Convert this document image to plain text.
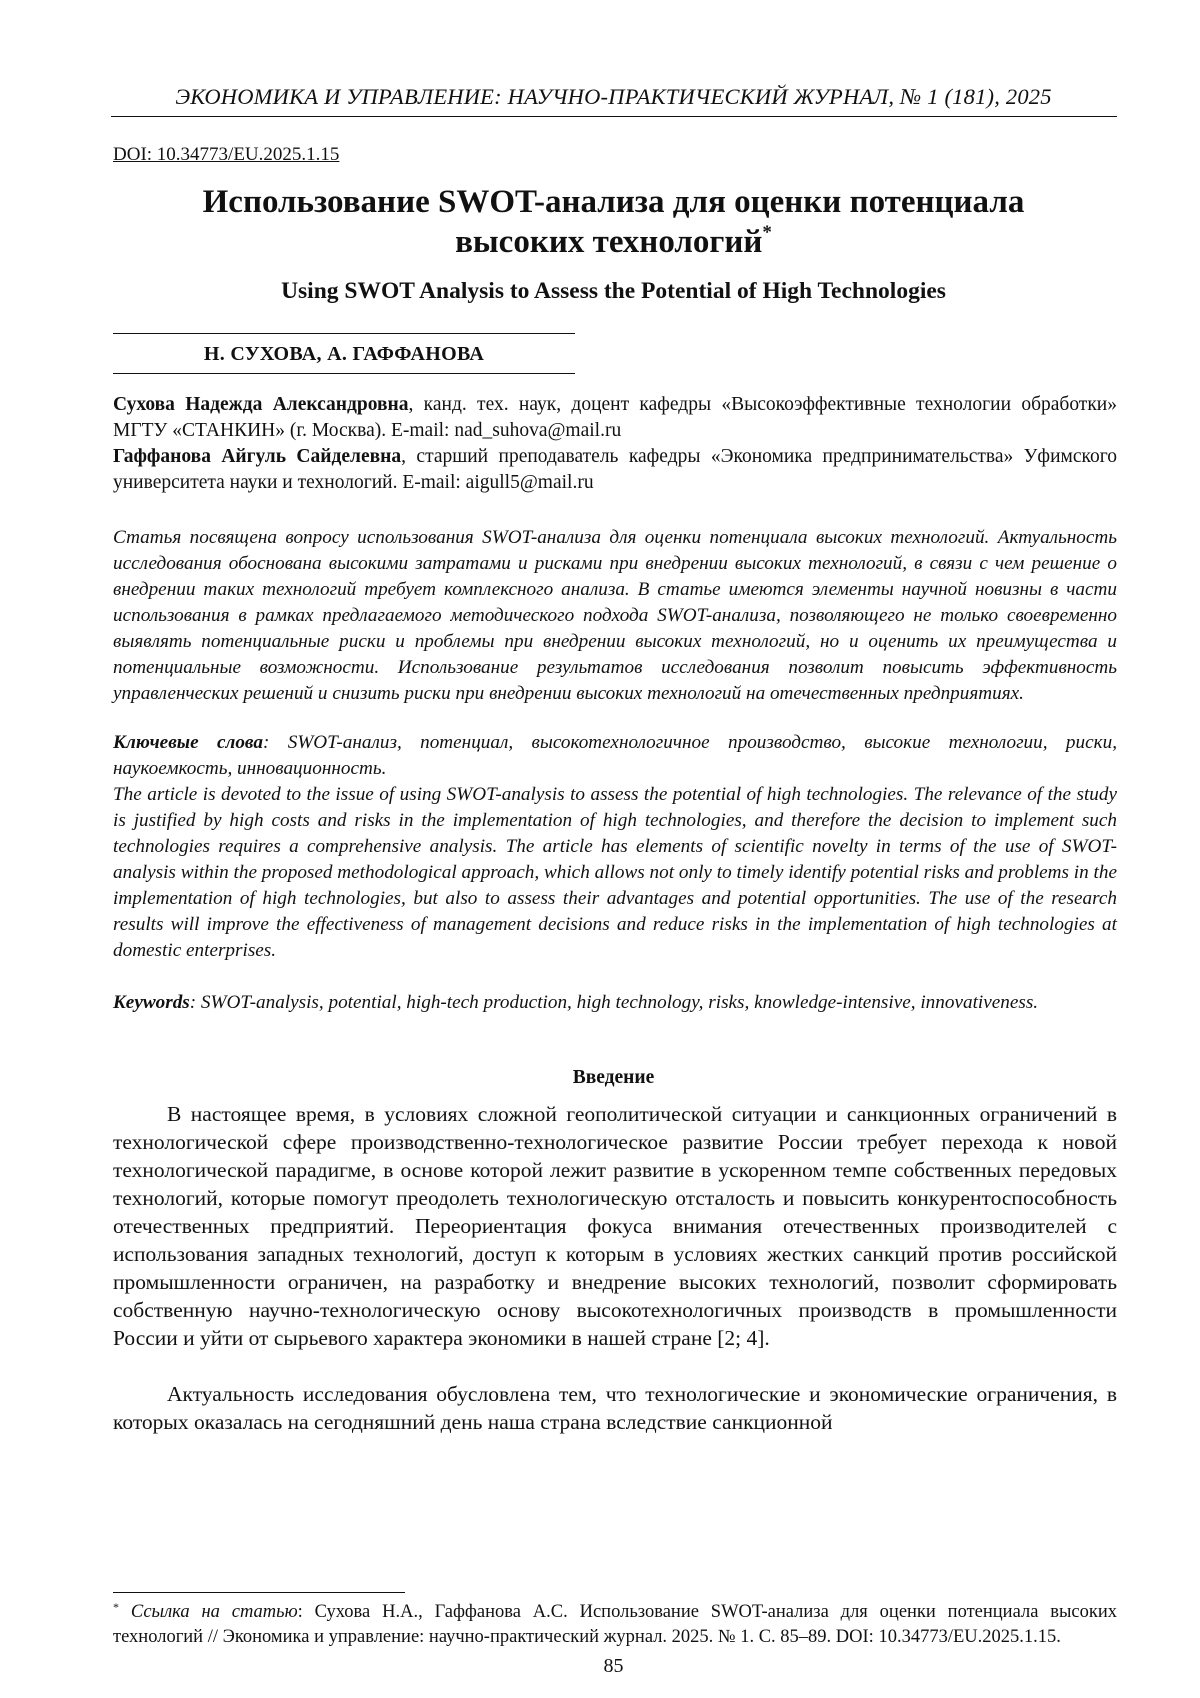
ЭКОНОМИКА И УПРАВЛЕНИЕ: НАУЧНО-ПРАКТИЧЕСКИЙ ЖУРНАЛ, № 1 (181), 2025
DOI: 10.34773/EU.2025.1.15
Использование SWOT-анализа для оценки потенциала
высоких технологий*
Using SWOT Analysis to Assess the Potential of High Technologies
Н. СУХОВА, А. ГАФФАНОВА
Сухова Надежда Александровна, канд. тех. наук, доцент кафедры «Высокоэффективные технологии обработки» МГТУ «СТАНКИН» (г. Москва). E-mail: nad_suhova@mail.ru
Гаффанова Айгуль Сайделевна, старший преподаватель кафедры «Экономика предпринимательства» Уфимского университета науки и технологий. E-mail: aigull5@mail.ru
Статья посвящена вопросу использования SWOT-анализа для оценки потенциала высоких технологий. Актуальность исследования обоснована высокими затратами и рисками при внедрении высоких технологий, в связи с чем решение о внедрении таких технологий требует комплексного анализа. В статье имеются элементы научной новизны в части использования в рамках предлагаемого методического подхода SWOT-анализа, позволяющего не только своевременно выявлять потенциальные риски и проблемы при внедрении высоких технологий, но и оценить их преимущества и потенциальные возможности. Использование результатов исследования позволит повысить эффективность управленческих решений и снизить риски при внедрении высоких технологий на отечественных предприятиях.
Ключевые слова: SWOT-анализ, потенциал, высокотехнологичное производство, высокие технологии, риски, наукоемкость, инновационность.
The article is devoted to the issue of using SWOT-analysis to assess the potential of high technologies. The relevance of the study is justified by high costs and risks in the implementation of high technologies, and therefore the decision to implement such technologies requires a comprehensive analysis. The article has elements of scientific novelty in terms of the use of SWOT-analysis within the proposed methodological approach, which allows not only to timely identify potential risks and problems in the implementation of high technologies, but also to assess their advantages and potential opportunities. The use of the research results will improve the effectiveness of management decisions and reduce risks in the implementation of high technologies at domestic enterprises.
Keywords: SWOT-analysis, potential, high-tech production, high technology, risks, knowledge-intensive, innovativeness.
Введение
В настоящее время, в условиях сложной геополитической ситуации и санкционных ограничений в технологической сфере производственно-технологическое развитие России требует перехода к новой технологической парадигме, в основе которой лежит развитие в ускоренном темпе собственных передовых технологий, которые помогут преодолеть технологическую отсталость и повысить конкурентоспособность отечественных предприятий. Переориентация фокуса внимания отечественных производителей с использования западных технологий, доступ к которым в условиях жестких санкций против российской промышленности ограничен, на разработку и внедрение высоких технологий, позволит сформировать собственную научно-технологическую основу высокотехнологичных производств в промышленности России и уйти от сырьевого характера экономики в нашей стране [2; 4].
Актуальность исследования обусловлена тем, что технологические и экономические ограничения, в которых оказалась на сегодняшний день наша страна вследствие санкционной
* Ссылка на статью: Сухова Н.А., Гаффанова А.С. Использование SWOT-анализа для оценки потенциала высоких технологий // Экономика и управление: научно-практический журнал. 2025. № 1. С. 85–89. DOI: 10.34773/EU.2025.1.15.
85
